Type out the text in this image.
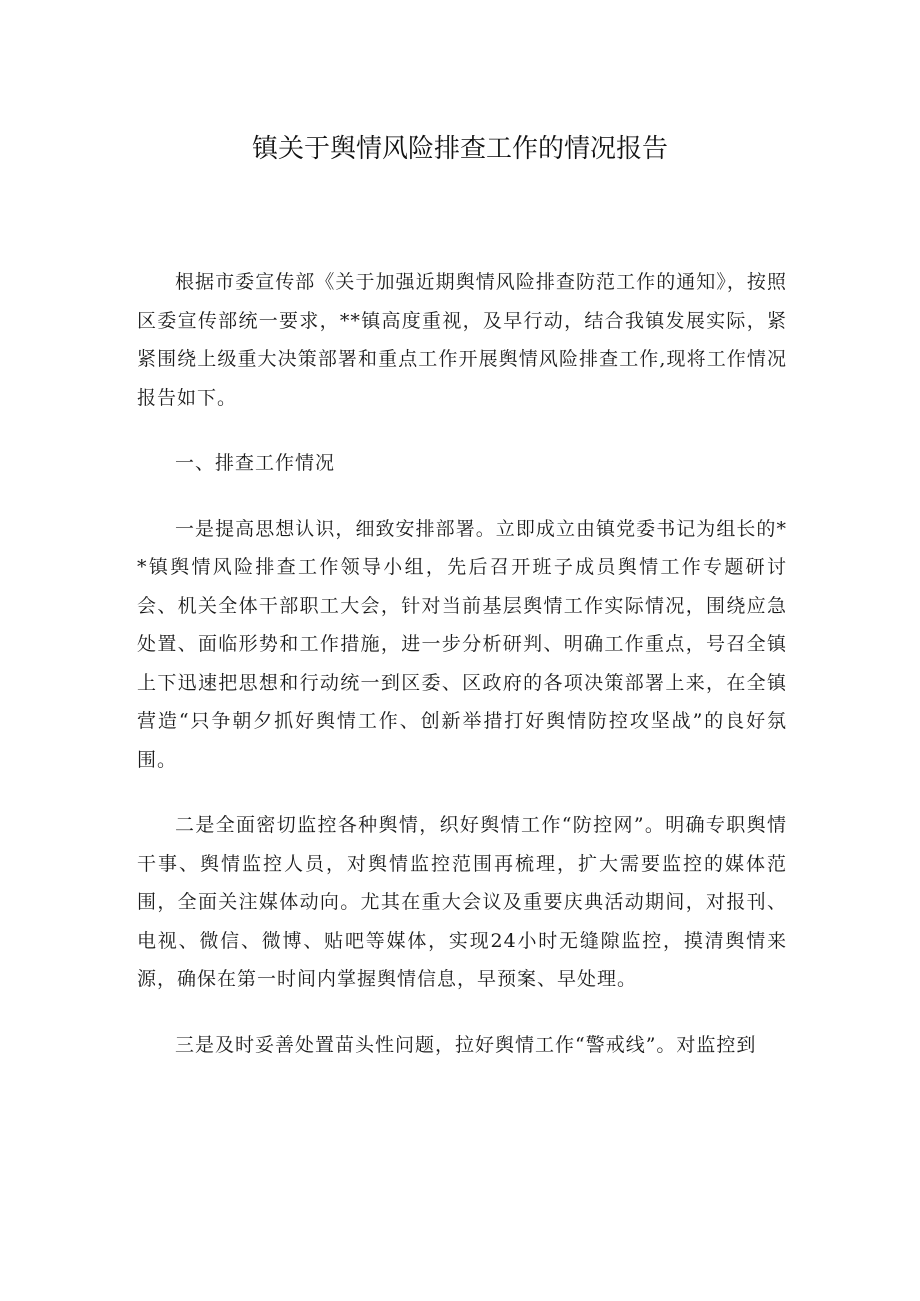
镇关于舆情风险排查工作的情况报告

根据市委宣传部《关于加强近期舆情风险排查防范工作的通知》，按照区委宣传部统一要求，**镇高度重视，及早行动，结合我镇发展实际，紧紧围绕上级重大决策部署和重点工作开展舆情风险排查工作,现将工作情况报告如下。

一、排查工作情况

一是提高思想认识，细致安排部署。立即成立由镇党委书记为组长的**镇舆情风险排查工作领导小组，先后召开班子成员舆情工作专题研讨会、机关全体干部职工大会，针对当前基层舆情工作实际情况，围绕应急处置、面临形势和工作措施，进一步分析研判、明确工作重点，号召全镇上下迅速把思想和行动统一到区委、区政府的各项决策部署上来，在全镇营造“只争朝夕抓好舆情工作、创新举措打好舆情防控攻坚战”的良好氛围。

二是全面密切监控各种舆情，织好舆情工作“防控网”。明确专职舆情干事、舆情监控人员，对舆情监控范围再梳理，扩大需要监控的媒体范围，全面关注媒体动向。尤其在重大会议及重要庆典活动期间，对报刊、电视、微信、微博、贴吧等媒体，实现24小时无缝隙监控，摸清舆情来源，确保在第一时间内掌握舆情信息，早预案、早处理。

三是及时妥善处置苗头性问题，拉好舆情工作“警戒线”。对监控到
